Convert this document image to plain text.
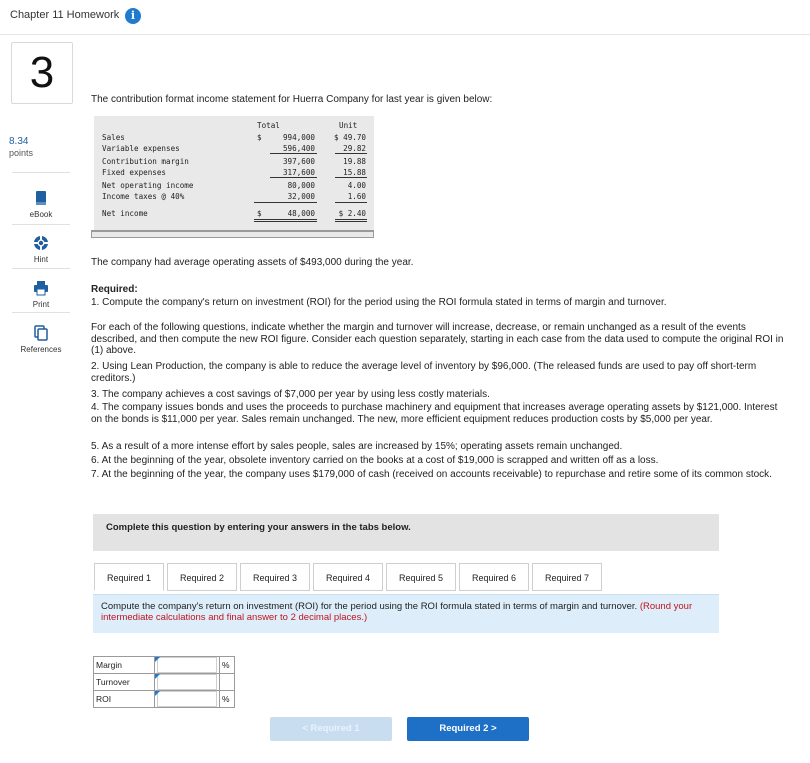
Chapter 11 Homework	i
3
8.34
points
eBook
Hint
Print
References
The contribution format income statement for Huerra Company for last year is given below:
Total	Unit
Sales	$	994,000 $ 49.70
Variable expenses	596,400	29.82
Contribution margin	397,600	19.88
Fixed expenses	317,600	15.88
Net operating income	80,000	4.00
Income taxes @ 40%	32,000	1.60
Net income	$	48,000	$ 2.40
The company had average operating assets of $493,000 during the year.
Required:
1. Compute the company's return on investment (ROI) for the period using the ROI formula stated in terms of margin and turnover.
For each of the following questions, indicate whether the margin and turnover will increase, decrease, or remain unchanged as a result of the events described, and then compute the new ROI figure. Consider each question separately, starting in each case from the data used to compute the original ROI in (1) above.
2. Using Lean Production, the company is able to reduce the average level of inventory by $96,000. (The released funds are used to pay off short-term creditors.)
3. The company achieves a cost savings of $7,000 per year by using less costly materials.
4. The company issues bonds and uses the proceeds to purchase machinery and equipment that increases average operating assets by $121,000. Interest on the bonds is $11,000 per year. Sales remain unchanged. The new, more efficient equipment reduces production costs by $5,000 per year.
5. As a result of a more intense effort by sales people, sales are increased by 15%; operating assets remain unchanged.
6. At the beginning of the year, obsolete inventory carried on the books at a cost of $19,000 is scrapped and written off as a loss.
7. At the beginning of the year, the company uses $179,000 of cash (received on accounts receivable) to repurchase and retire some of its common stock.
Complete this question by entering your answers in the tabs below.
Required 1	Required 2	Required 3	Required 4	Required 5	Required 6	Required 7
Compute the company's return on investment (ROI) for the period using the ROI formula stated in terms of margin and turnover. (Round your intermediate calculations and final answer to 2 decimal places.)
Margin		%
Turnover	

ROI		%
< Required 1	Required 2 >
